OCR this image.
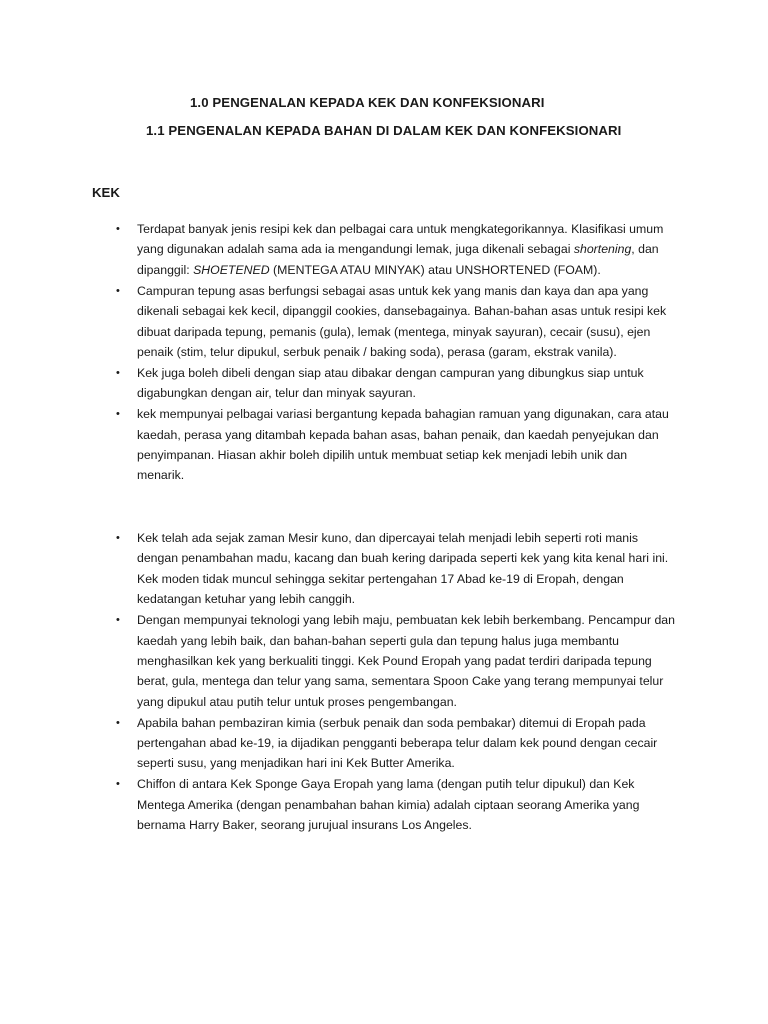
1.0 PENGENALAN KEPADA KEK DAN KONFEKSIONARI
1.1 PENGENALAN KEPADA BAHAN DI DALAM KEK DAN KONFEKSIONARI
KEK
• Terdapat banyak jenis resipi kek dan pelbagai cara untuk mengkategorikannya. Klasifikasi umum yang digunakan adalah sama ada ia mengandungi lemak, juga dikenali sebagai shortening, dan dipanggil: SHOETENED (MENTEGA ATAU MINYAK) atau UNSHORTENED (FOAM).
• Campuran tepung asas berfungsi sebagai asas untuk kek yang manis dan kaya dan apa yang dikenali sebagai kek kecil, dipanggil cookies, dansebagainya. Bahan-bahan asas untuk resipi kek dibuat daripada tepung, pemanis (gula), lemak (mentega, minyak sayuran), cecair (susu), ejen penaik (stim, telur dipukul, serbuk penaik / baking soda), perasa (garam, ekstrak vanila).
• Kek juga boleh dibeli dengan siap atau dibakar dengan campuran yang dibungkus siap untuk digabungkan dengan air, telur dan minyak sayuran.
• kek mempunyai pelbagai variasi bergantung kepada bahagian ramuan yang digunakan, cara atau kaedah, perasa yang ditambah kepada bahan asas, bahan penaik, dan kaedah penyejukan dan penyimpanan. Hiasan akhir boleh dipilih untuk membuat setiap kek menjadi lebih unik dan menarik.
• Kek telah ada sejak zaman Mesir kuno, dan dipercayai telah menjadi lebih seperti roti manis dengan penambahan madu, kacang dan buah kering daripada seperti kek yang kita kenal hari ini. Kek moden tidak muncul sehingga sekitar pertengahan 17 Abad ke-19 di Eropah, dengan kedatangan ketuhar yang lebih canggih.
• Dengan mempunyai teknologi yang lebih maju, pembuatan kek lebih berkembang. Pencampur dan kaedah yang lebih baik, dan bahan-bahan seperti gula dan tepung halus juga membantu menghasilkan kek yang berkualiti tinggi. Kek Pound Eropah yang padat terdiri daripada tepung berat, gula, mentega dan telur yang sama, sementara Spoon Cake yang terang mempunyai telur yang dipukul atau putih telur untuk proses pengembangan.
• Apabila bahan pembaziran kimia (serbuk penaik dan soda pembakar) ditemui di Eropah pada pertengahan abad ke-19, ia dijadikan pengganti beberapa telur dalam kek pound dengan cecair seperti susu, yang menjadikan hari ini Kek Butter Amerika.
• Chiffon di antara Kek Sponge Gaya Eropah yang lama (dengan putih telur dipukul) dan Kek Mentega Amerika (dengan penambahan bahan kimia) adalah ciptaan seorang Amerika yang bernama Harry Baker, seorang jurujual insurans Los Angeles.
